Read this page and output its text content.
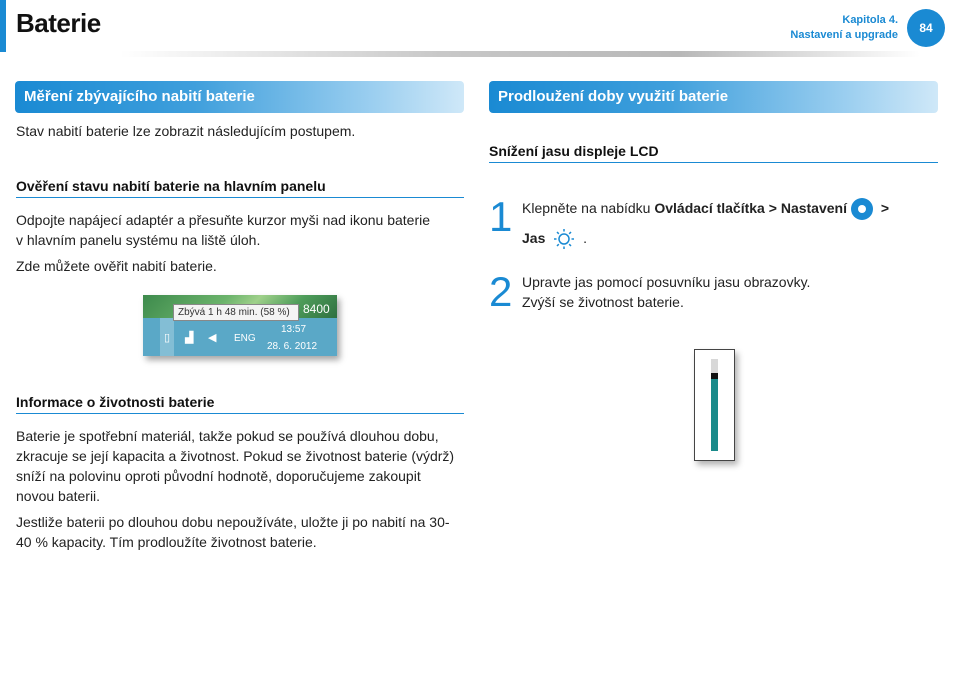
Baterie	Kapitola 4.
Nastavení a upgrade	84
Měření zbývajícího nabití baterie

Stav nabití baterie lze zobrazit následujícím postupem.

Ověření stavu nabití baterie na hlavním panelu

Odpojte napájecí adaptér a přesuňte kurzor myši nad ikonu baterie v hlavním panelu systému na liště úloh.

Zde můžete ověřit nabití baterie.

Zbývá 1 h 48 min. (58 %)	8400
▯ ▟ ◀ ENG
13:57
28. 6. 2012
Informace o životnosti baterie

Baterie je spotřební materiál, takže pokud se používá dlouhou dobu, zkracuje se její kapacita a životnost. Pokud se životnost baterie (výdrž) sníží na polovinu oproti původní hodnotě, doporučujeme zakoupit novou baterii.

Jestliže baterii po dlouhou dobu nepoužíváte, uložte ji po nabití na 30-40 % kapacity. Tím prodloužíte životnost baterie.

Prodloužení doby využití baterie
Snížení jasu displeje LCD
1 Klepněte na nabídku Ovládací tlačítka > Nastavení >
Jas	.
2 Upravte jas pomocí posuvníku jasu obrazovky.

Zvýší se životnost baterie.
